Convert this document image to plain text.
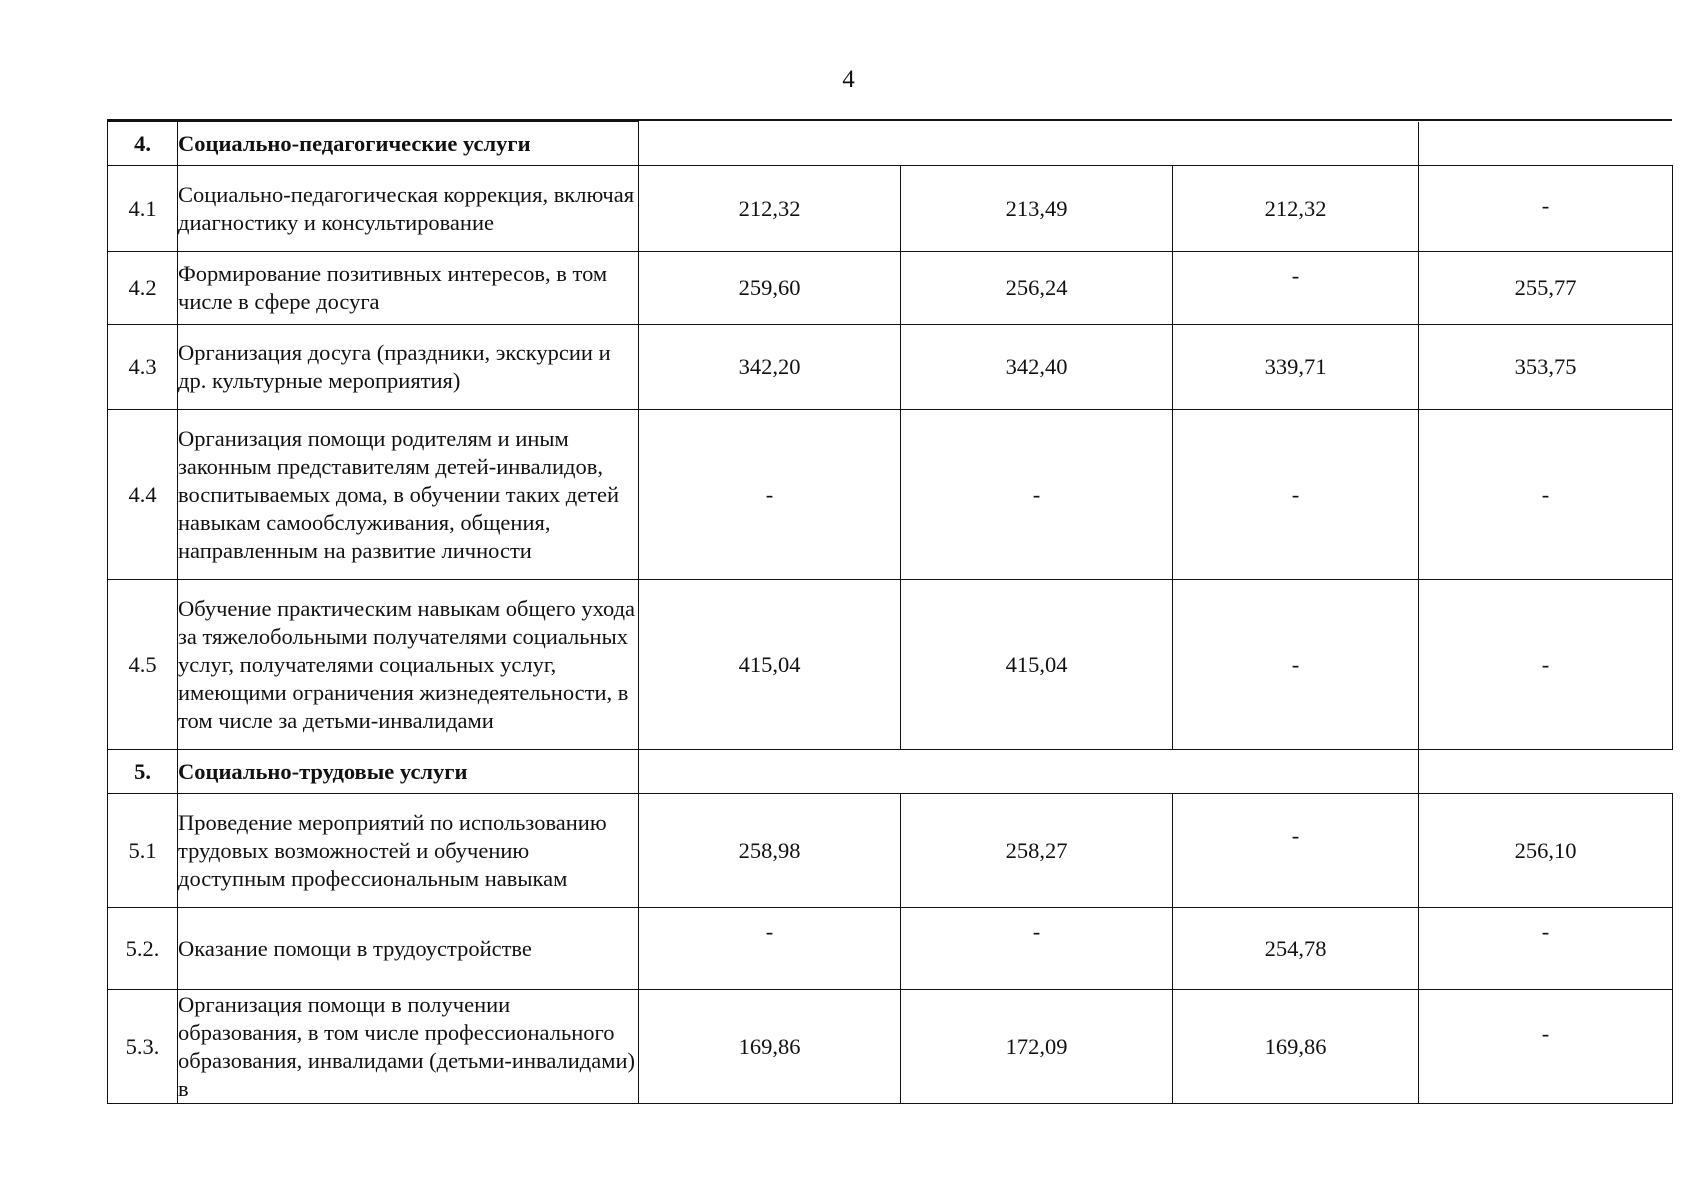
4
4.	Социально-педагогические услуги				
4.1	Социально-педагогическая коррекция, включая диагностику и консультирование	212,32	213,49	212,32	-
4.2	Формирование позитивных интересов, в том числе в сфере досуга	259,60	256,24	-	255,77
4.3	Организация досуга (праздники, экскурсии и др. культурные мероприятия)	342,20	342,40	339,71	353,75
4.4	Организация помощи родителям и иным законным представителям детей-инвалидов, воспитываемых дома, в обучении таких детей навыкам самообслуживания, общения, направленным на развитие личности	-	-	-	-
4.5	Обучение практическим навыкам общего ухода за тяжелобольными получателями социальных услуг, получателями социальных услуг, имеющими ограничения жизнедеятельности, в том числе за детьми-инвалидами	415,04	415,04	-	-
5.	Социально-трудовые услуги				
5.1	Проведение мероприятий по использованию трудовых возможностей и обучению доступным профессиональным навыкам	258,98	258,27	-	256,10
5.2.	Оказание помощи в трудоустройстве	-	-	254,78	-
5.3.	Организация помощи в получении образования, в том числе профессионального образования, инвалидами (детьми-инвалидами) в	169,86	172,09	169,86	-
